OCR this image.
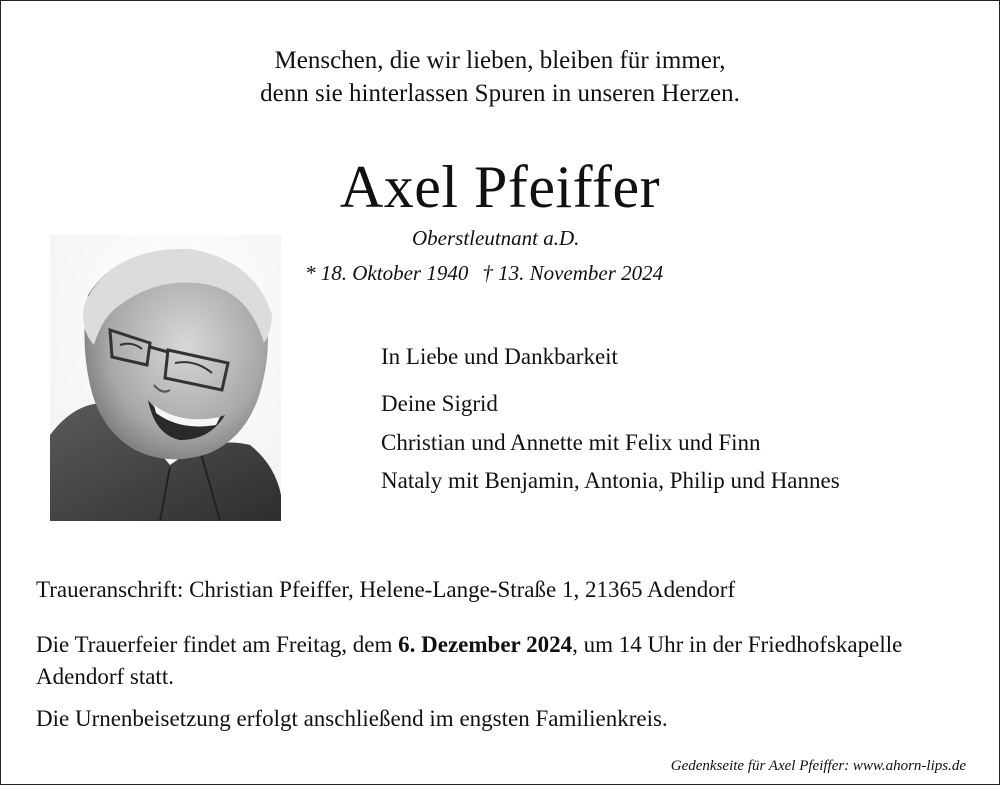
Menschen, die wir lieben, bleiben für immer,
denn sie hinterlassen Spuren in unseren Herzen.
Axel Pfeiffer
Oberstleutnant a.D.
* 18. Oktober 1940 † 13. November 2024
In Liebe und Dankbarkeit
Deine Sigrid
Christian und Annette mit Felix und Finn
Nataly mit Benjamin, Antonia, Philip und Hannes
Traueranschrift: Christian Pfeiffer, Helene-Lange-Straße 1, 21365 Adendorf
Die Trauerfeier findet am Freitag, dem 6. Dezember 2024, um 14 Uhr in der Friedhofskapelle Adendorf statt.
Die Urnenbeisetzung erfolgt anschließend im engsten Familienkreis.
Gedenkseite für Axel Pfeiffer: www.ahorn-lips.de
